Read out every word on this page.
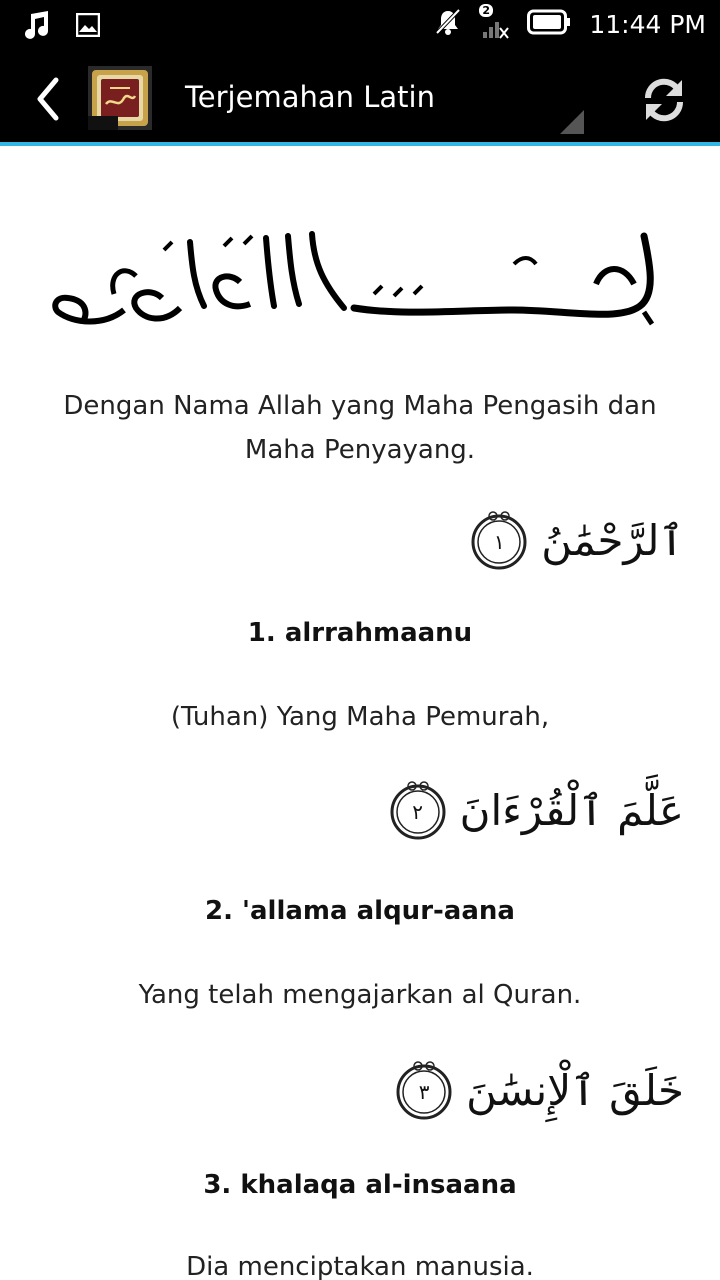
2	11:44 PM
Terjemahan Latin
Dengan Nama Allah yang Maha Pengasih dan Maha Penyayang.
١ ٱلرَّحْمَٰنُ
1. alrrahmaanu
(Tuhan) Yang Maha Pemurah,
٢ عَلَّمَ ٱلْقُرْءَانَ
2. 'allama alqur-aana
Yang telah mengajarkan al Quran.
٣ خَلَقَ ٱلْإِنسَٰنَ
3. khalaqa al-insaana
Dia menciptakan manusia.
